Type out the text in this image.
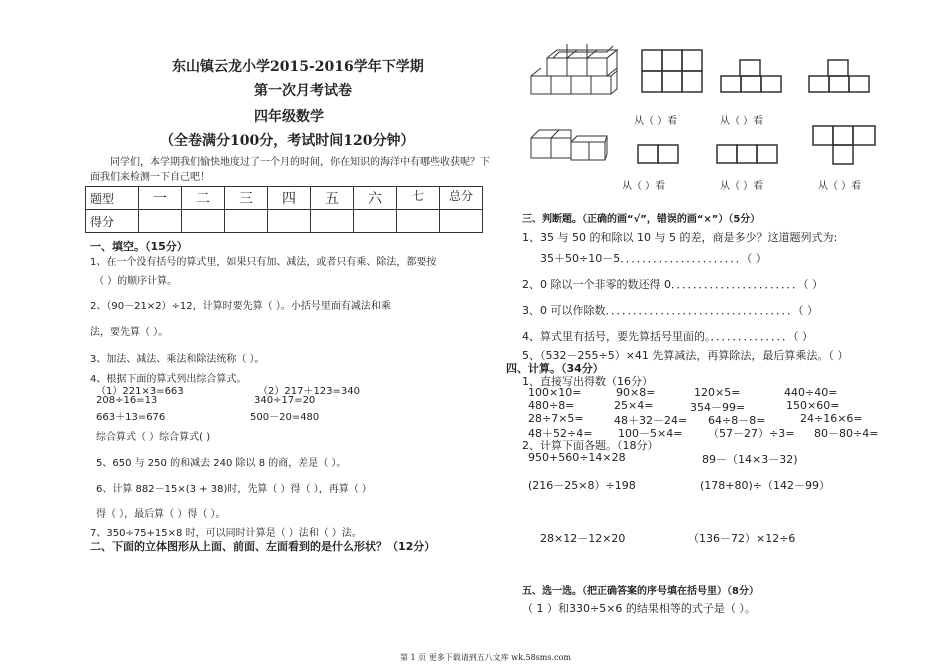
东山镇云龙小学2015-2016学年下学期
第一次月考试卷
四年级数学
（全卷满分100分，考试时间120分钟）
同学们，本学期我们愉快地度过了一个月的时间，你在知识的海洋中有哪些收获呢？下
面我们来检测一下自己吧！
题型	一	二	三	四	五	六	七	总分
得分								
一、填空。（15分）
1、在一个没有括号的算式里，如果只有加、减法，或者只有乘、除法，都要按
（ ）的顺序计算。
2、（90－21×2）÷12，计算时要先算（ ）。小括号里面有减法和乘
法，要先算（ ）。
3、加法、减法、乘法和除法统称（ ）。
4、根据下面的算式列出综合算式。
（1）221×3=663	（2）217＋123=340
208÷16=13	340÷17=20
663＋13=676	500－20=480
综合算式（ ）综合算式( )
5、650 与 250 的和减去 240 除以 8 的商，差是（ ）。
6、计算 882－15×(3 + 38)时，先算（ ）得（ ），再算（ ）
得（ ），最后算（ ）得（ ）。
7、350÷75+15×8 时，可以同时计算是（ ）法和（ ）法。
二、下面的立体图形从上面、前面、左面看到的是什么形状？（12分）
从（ ）看	从（ ）看
从（ ）看	从（ ）看	从（ ）看
三、判断题。（正确的画“√”，错误的画“×”）（5分）
1、35 与 50 的和除以 10 与 5 的差，商是多少？这道题列式为:
35＋50÷10－5．．．．．．．．．．．．．．．．．．．．．．（ ）
2、0 除以一个非零的数还得 0．．．．．．．．．．．．．．．．．．．．．．．（ ）
3、0 可以作除数．．．．．．．．．．．．．．．．．．．．．．．．．．．．．．．．．．（ ）
4、算式里有括号，要先算括号里面的。．．．．．．．．．．．．．．（ ）
5、（532－255÷5）×41 先算减法，再算除法，最后算乘法。（ ）
四、计算。（34分）
1、直接写出得数（16分）
100×10=	90×8=	120×5=	440÷40=
480÷8=	25×4=	354－99=	150×60=
28÷7×5=	48＋32－24= 64÷8－8=	24÷16×6=
48＋52÷4= 100－5×4= （57－27）÷3= 80－80÷4=
2、计算下面各题。（18分）
950+560÷14×28	89－（14×3－32)
(216－25×8）÷198	(178+80)÷（142－99）
28×12－12×20	（136－72）×12÷6
五、选一选。（把正确答案的序号填在括号里）（8分）
（ 1 ）和330÷5×6 的结果相等的式子是（ ）。
第 1 页 更多下载请到五八文库 wk.58sms.com
